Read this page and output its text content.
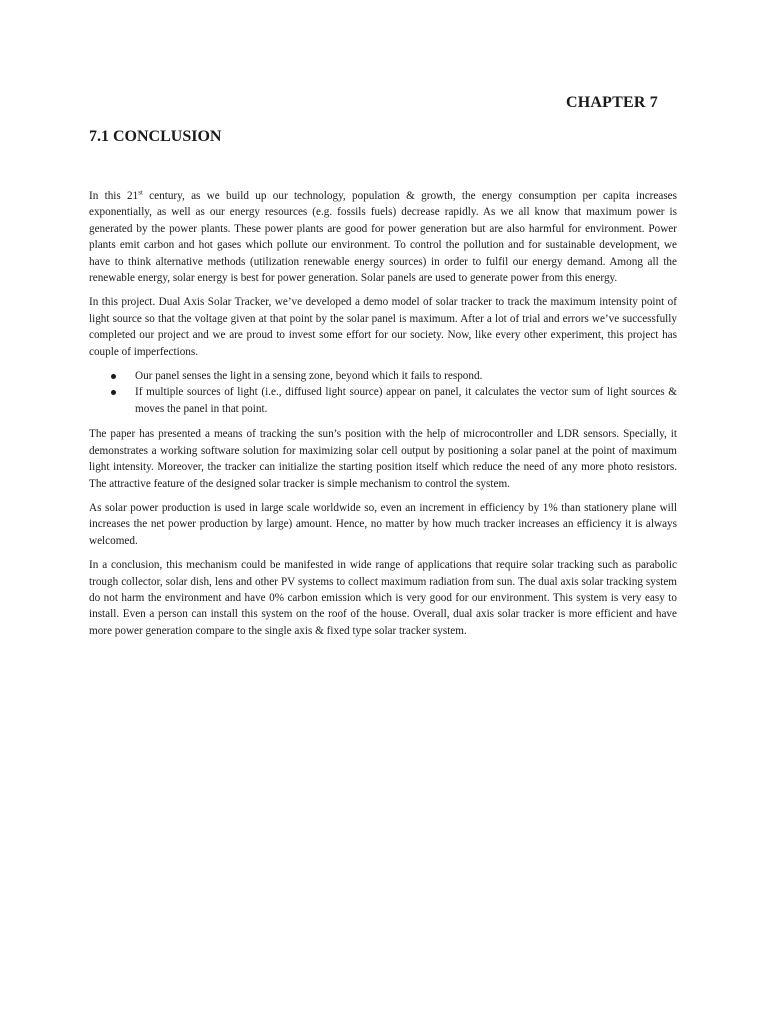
CHAPTER 7
7.1 CONCLUSION

In this 21st century, as we build up our technology, population & growth, the energy consumption per capita increases exponentially, as well as our energy resources (e.g. fossils fuels) decrease rapidly. As we all know that maximum power is generated by the power plants. These power plants are good for power generation but are also harmful for environment. Power plants emit carbon and hot gases which pollute our environment. To control the pollution and for sustainable development, we have to think alternative methods (utilization renewable energy sources) in order to fulfil our energy demand. Among all the renewable energy, solar energy is best for power generation. Solar panels are used to generate power from this energy.

In this project. Dual Axis Solar Tracker, we’ve developed a demo model of solar tracker to track the maximum intensity point of light source so that the voltage given at that point by the solar panel is maximum. After a lot of trial and errors we’ve successfully completed our project and we are proud to invest some effort for our society. Now, like every other experiment, this project has couple of imperfections.

Our panel senses the light in a sensing zone, beyond which it fails to respond.
If multiple sources of light (i.e., diffused light source) appear on panel, it calculates the vector sum of light sources & moves the panel in that point.

The paper has presented a means of tracking the sun’s position with the help of microcontroller and LDR sensors. Specially, it demonstrates a working software solution for maximizing solar cell output by positioning a solar panel at the point of maximum light intensity. Moreover, the tracker can initialize the starting position itself which reduce the need of any more photo resistors. The attractive feature of the designed solar tracker is simple mechanism to control the system.

As solar power production is used in large scale worldwide so, even an increment in efficiency by 1% than stationery plane will increases the net power production by large) amount. Hence, no matter by how much tracker increases an efficiency it is always welcomed.

In a conclusion, this mechanism could be manifested in wide range of applications that require solar tracking such as parabolic trough collector, solar dish, lens and other PV systems to collect maximum radiation from sun. The dual axis solar tracking system do not harm the environment and have 0% carbon emission which is very good for our environment. This system is very easy to install. Even a person can install this system on the roof of the house. Overall, dual axis solar tracker is more efficient and have more power generation compare to the single axis & fixed type solar tracker system.
